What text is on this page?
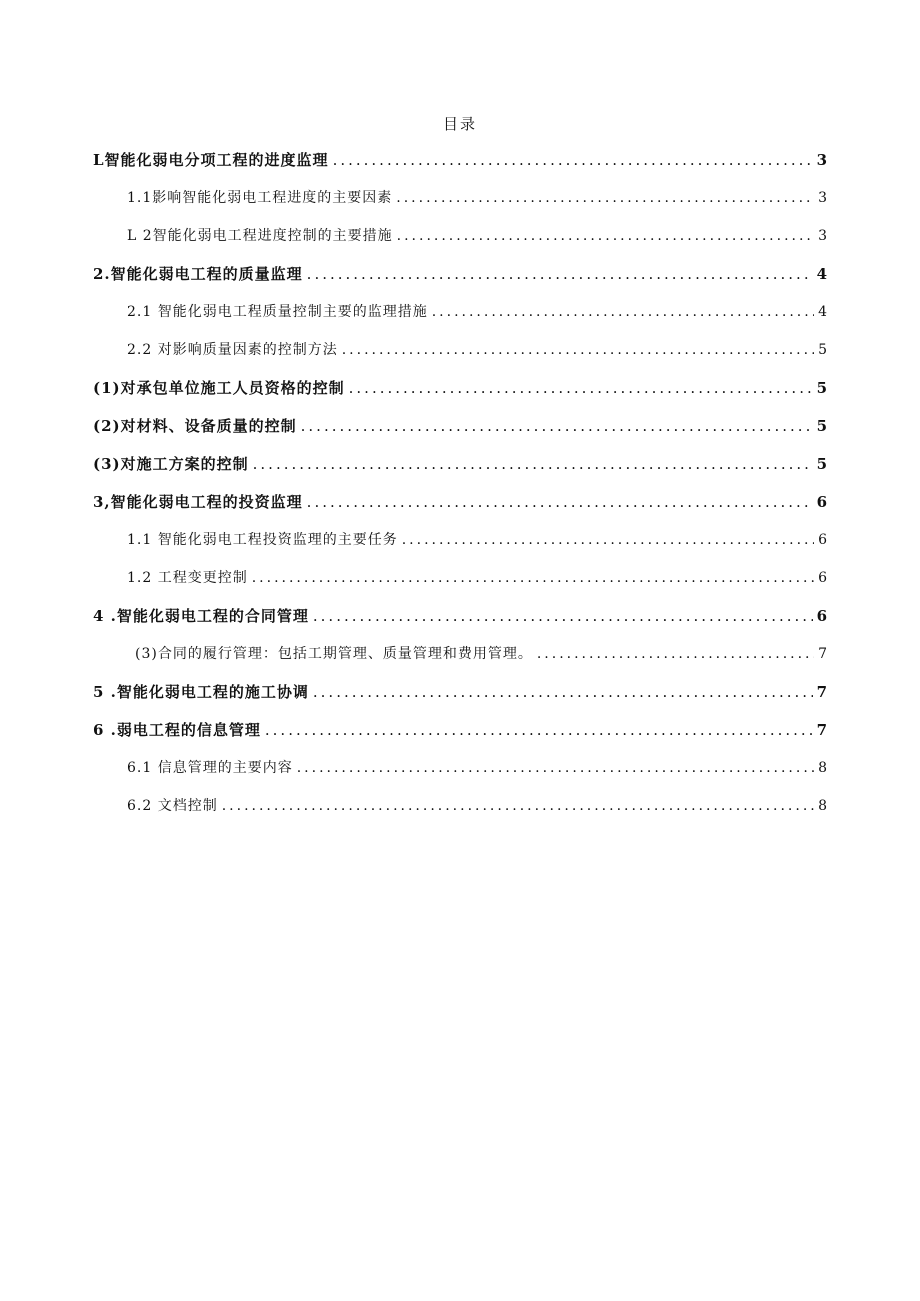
目录
L智能化弱电分项工程的进度监理 .....	3
1.1影响智能化弱电工程进度的主要因素 .....	3
L 2智能化弱电工程进度控制的主要措施 .....	3
2.智能化弱电工程的质量监理 .....	4
2.1 智能化弱电工程质量控制主要的监理措施 .....	4
2.2 对影响质量因素的控制方法 .....	5
(1)对承包单位施工人员资格的控制 .....	5
(2)对材料、设备质量的控制 .....	5
(3)对施工方案的控制 .....	5
3,智能化弱电工程的投资监理 .....	6
1.1 智能化弱电工程投资监理的主要任务 .....	6
1.2 工程变更控制 .....	6
4 .智能化弱电工程的合同管理 .....	6
(3)合同的履行管理：包括工期管理、质量管理和费用管理。 .....	7
5 .智能化弱电工程的施工协调 .....	7
6 .弱电工程的信息管理 .....	7
6.1 信息管理的主要内容 .....	8
6.2 文档控制 .....	8
